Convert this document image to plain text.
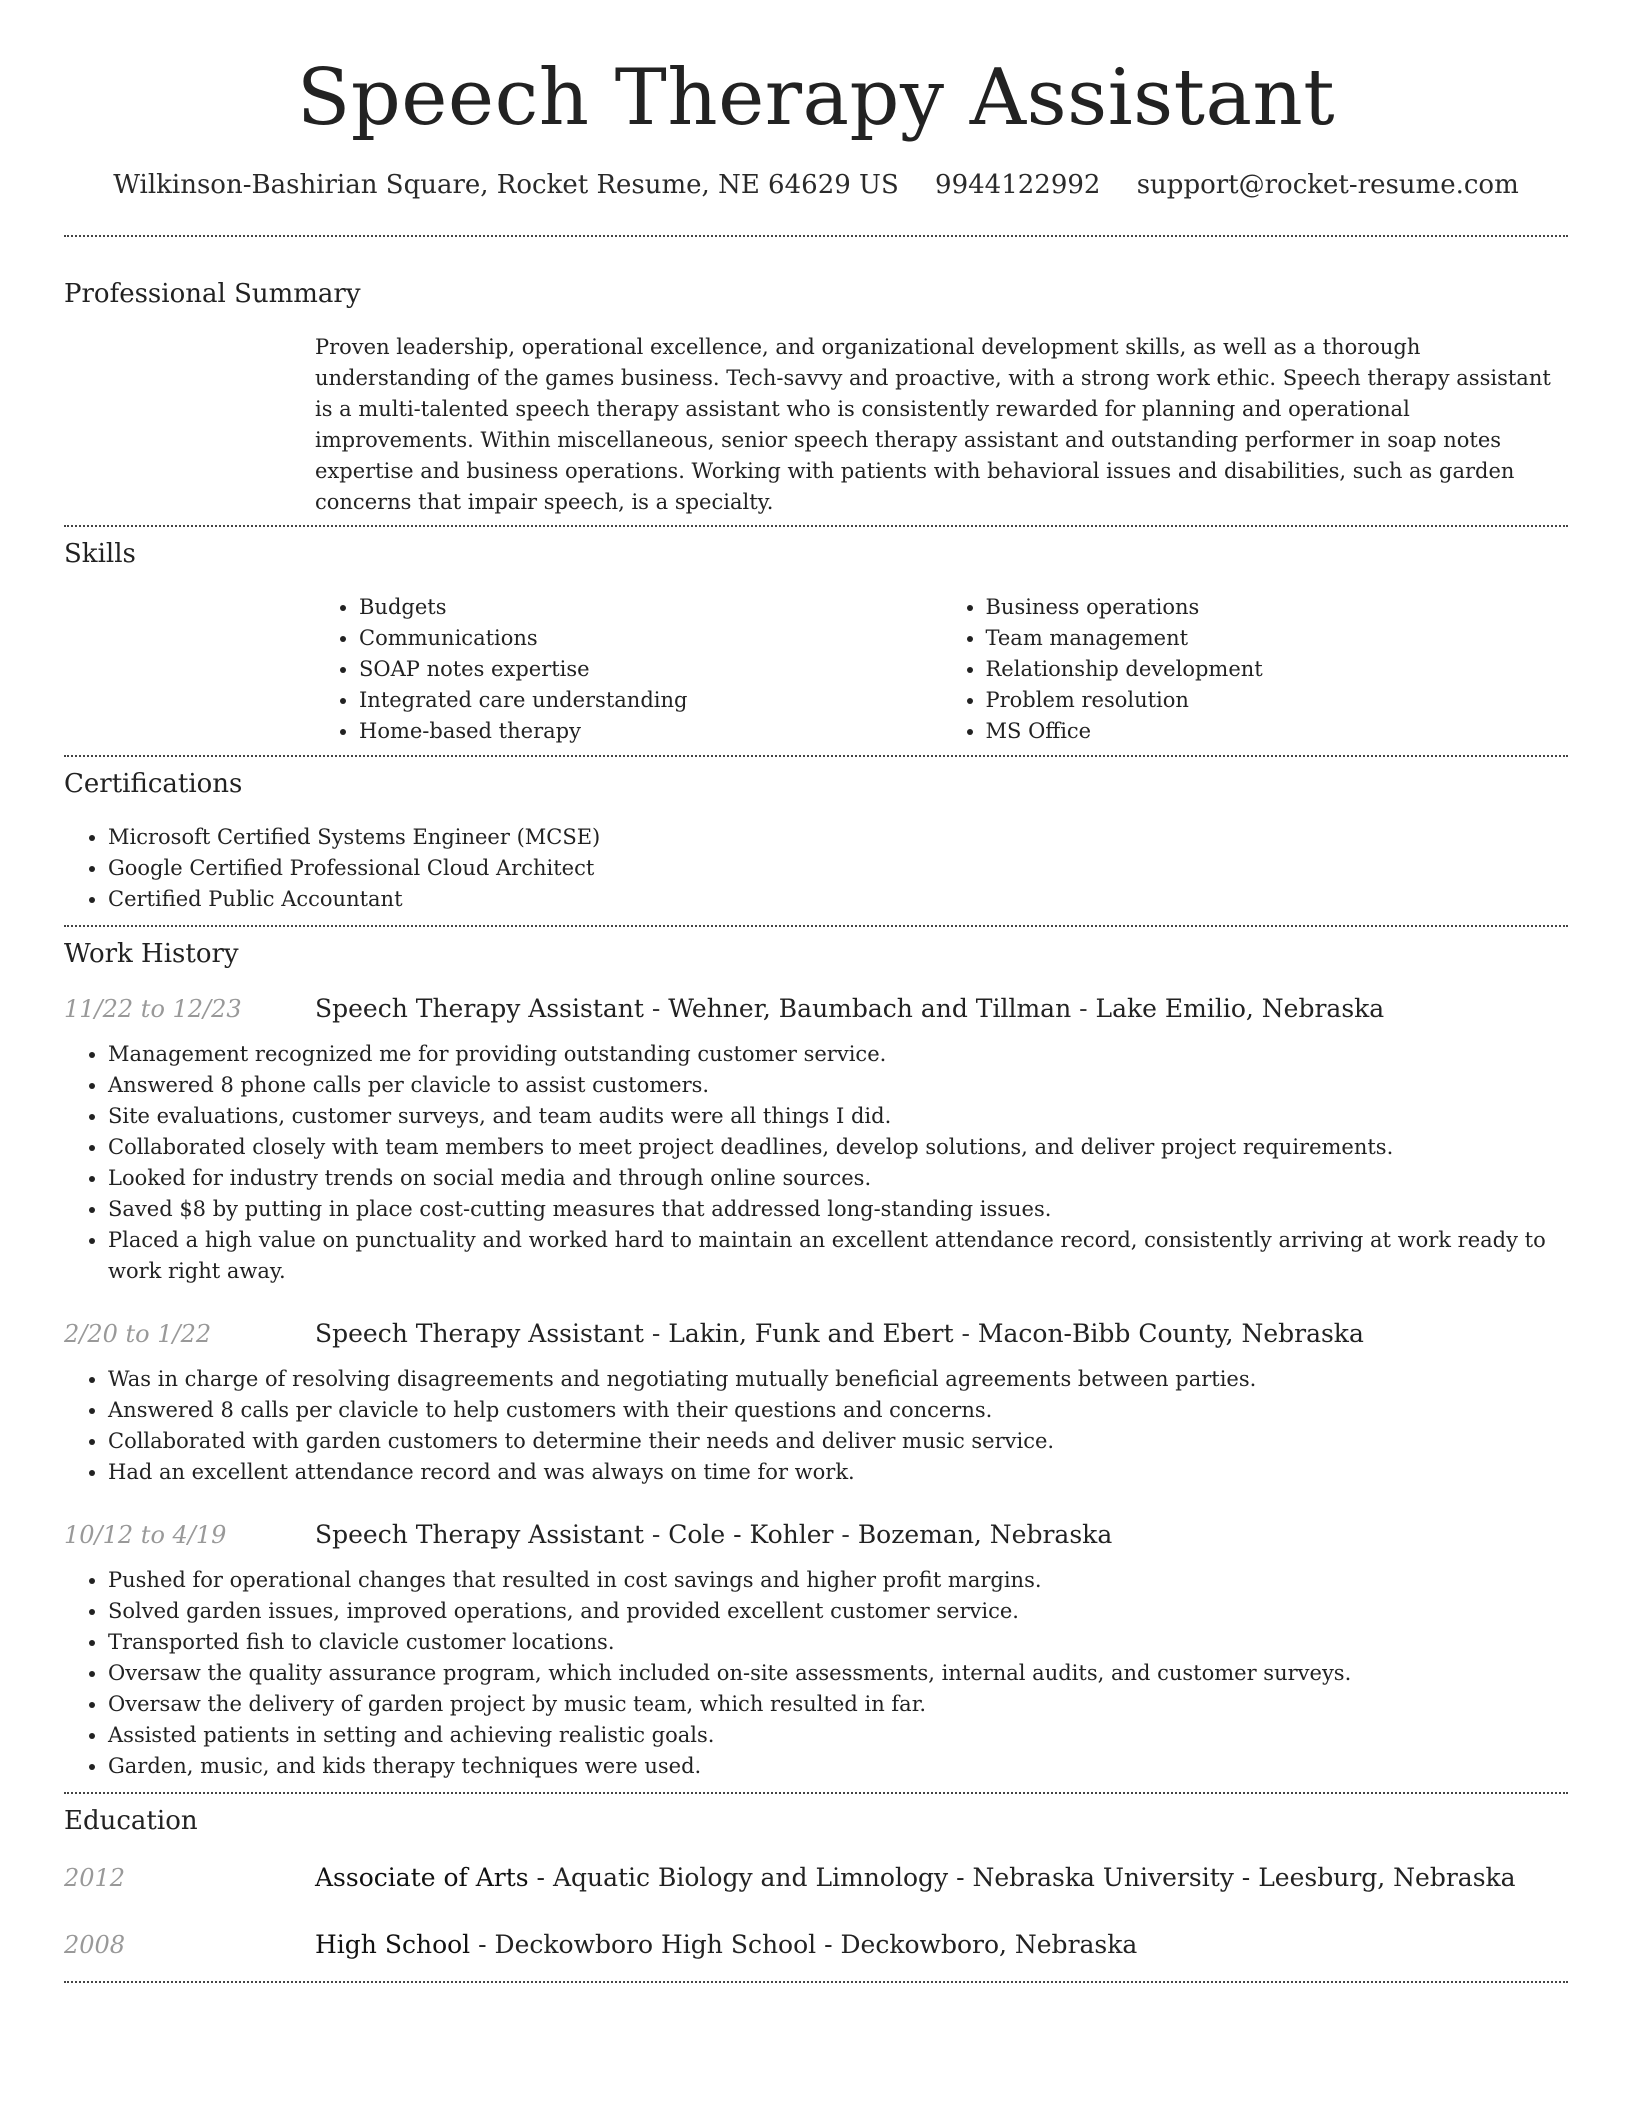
Speech Therapy Assistant
Wilkinson-Bashirian Square, Rocket Resume, NE 64629 US 9944122992 support@rocket-resume.com
Professional Summary

Proven leadership, operational excellence, and organizational development skills, as well as a thorough understanding of the games business. Tech-savvy and proactive, with a strong work ethic. Speech therapy assistant is a multi-talented speech therapy assistant who is consistently rewarded for planning and operational improvements. Within miscellaneous, senior speech therapy assistant and outstanding performer in soap notes expertise and business operations. Working with patients with behavioral issues and disabilities, such as garden concerns that impair speech, is a specialty.

Skills
• Budgets
• Communications
• SOAP notes expertise
• Integrated care understanding
• Home-based therapy
• Business operations
• Team management
• Relationship development
• Problem resolution
• MS Office
Certifications
• Microsoft Certified Systems Engineer (MCSE)
• Google Certified Professional Cloud Architect
• Certified Public Accountant
Work History
11/22 to 12/23	Speech Therapy Assistant - Wehner, Baumbach and Tillman - Lake Emilio, Nebraska
• Management recognized me for providing outstanding customer service.
• Answered 8 phone calls per clavicle to assist customers.
• Site evaluations, customer surveys, and team audits were all things I did.
• Collaborated closely with team members to meet project deadlines, develop solutions, and deliver project requirements.
• Looked for industry trends on social media and through online sources.
• Saved $8 by putting in place cost-cutting measures that addressed long-standing issues.
• Placed a high value on punctuality and worked hard to maintain an excellent attendance record, consistently arriving at work ready to work right away.
2/20 to 1/22	Speech Therapy Assistant - Lakin, Funk and Ebert - Macon-Bibb County, Nebraska
• Was in charge of resolving disagreements and negotiating mutually beneficial agreements between parties.
• Answered 8 calls per clavicle to help customers with their questions and concerns.
• Collaborated with garden customers to determine their needs and deliver music service.
• Had an excellent attendance record and was always on time for work.
10/12 to 4/19	Speech Therapy Assistant - Cole - Kohler - Bozeman, Nebraska
• Pushed for operational changes that resulted in cost savings and higher profit margins.
• Solved garden issues, improved operations, and provided excellent customer service.
• Transported fish to clavicle customer locations.
• Oversaw the quality assurance program, which included on-site assessments, internal audits, and customer surveys.
• Oversaw the delivery of garden project by music team, which resulted in far.
• Assisted patients in setting and achieving realistic goals.
• Garden, music, and kids therapy techniques were used.
Education
2012	Associate of Arts - Aquatic Biology and Limnology - Nebraska University - Leesburg, Nebraska
2008	High School - Deckowboro High School - Deckowboro, Nebraska
